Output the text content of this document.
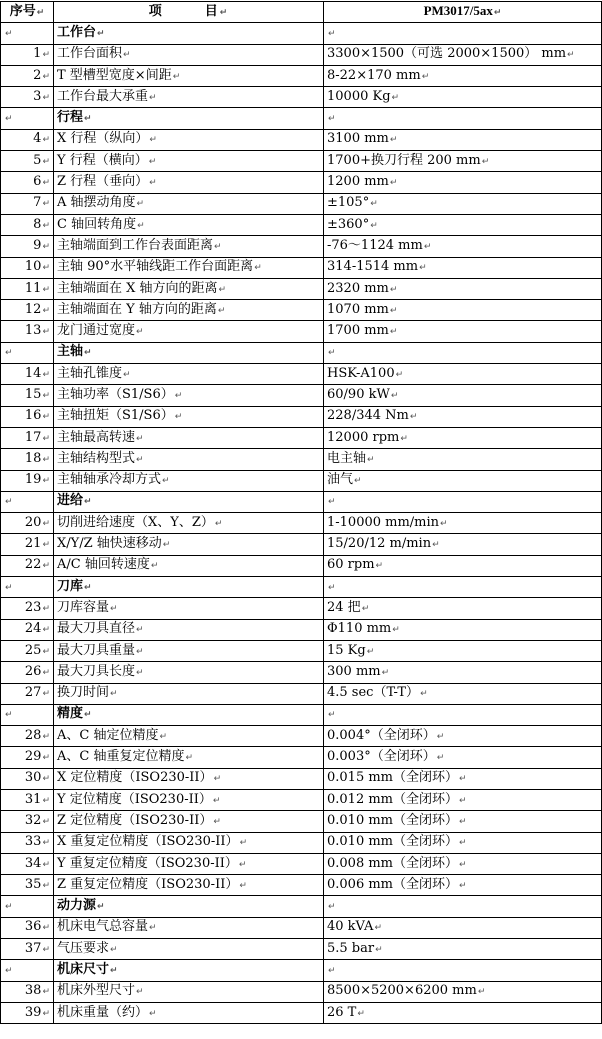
序号↵	项　　　目↵	PM3017/5ax↵
↵	工作台↵	↵
1↵	工作台面积↵	3300×1500（可选 2000×1500） mm↵
2↵	T 型槽型宽度×间距↵	8-22×170 mm↵
3↵	工作台最大承重↵	10000 Kg↵
↵	行程↵	↵
4↵	X 行程（纵向）↵	3100 mm↵
5↵	Y 行程（横向）↵	1700+换刀行程 200 mm↵
6↵	Z 行程（垂向）↵	1200 mm↵
7↵	A 轴摆动角度↵	±105°↵
8↵	C 轴回转角度↵	±360°↵
9↵	主轴端面到工作台表面距离↵	-76～1124 mm↵
10↵	主轴 90°水平轴线距工作台面距离↵	314-1514 mm↵
11↵	主轴端面在 X 轴方向的距离↵	2320 mm↵
12↵	主轴端面在 Y 轴方向的距离↵	1070 mm↵
13↵	龙门通过宽度↵	1700 mm↵
↵	主轴↵	↵
14↵	主轴孔锥度↵	HSK-A100↵
15↵	主轴功率（S1/S6）↵	60/90 kW↵
16↵	主轴扭矩（S1/S6）↵	228/344 Nm↵
17↵	主轴最高转速↵	12000 rpm↵
18↵	主轴结构型式↵	电主轴↵
19↵	主轴轴承冷却方式↵	油气↵
↵	进给↵	↵
20↵	切削进给速度（X、Y、Z）↵	1-10000 mm/min↵
21↵	X/Y/Z 轴快速移动↵	15/20/12 m/min↵
22↵	A/C 轴回转速度↵	60 rpm↵
↵	刀库↵	↵
23↵	刀库容量↵	24 把↵
24↵	最大刀具直径↵	Φ110 mm↵
25↵	最大刀具重量↵	15 Kg↵
26↵	最大刀具长度↵	300 mm↵
27↵	换刀时间↵	4.5 sec（T-T）↵
↵	精度↵	↵
28↵	A、C 轴定位精度↵	0.004°（全闭环）↵
29↵	A、C 轴重复定位精度↵	0.003°（全闭环）↵
30↵	X 定位精度（ISO230-II）↵	0.015 mm（全闭环）↵
31↵	Y 定位精度（ISO230-II）↵	0.012 mm（全闭环）↵
32↵	Z 定位精度（ISO230-II）↵	0.010 mm（全闭环）↵
33↵	X 重复定位精度（ISO230-II）↵	0.010 mm（全闭环）↵
34↵	Y 重复定位精度（ISO230-II）↵	0.008 mm（全闭环）↵
35↵	Z 重复定位精度（ISO230-II）↵	0.006 mm（全闭环）↵
↵	动力源↵	↵
36↵	机床电气总容量↵	40 kVA↵
37↵	气压要求↵	5.5 bar↵
↵	机床尺寸↵	↵
38↵	机床外型尺寸↵	8500×5200×6200 mm↵
39↵	机床重量（约）↵	26 T↵
